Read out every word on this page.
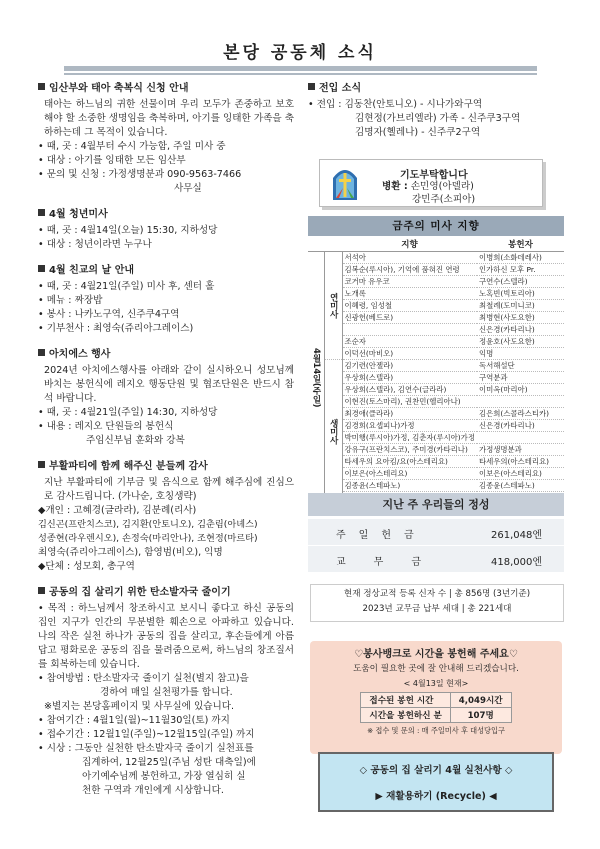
본당 공동체 소식
임산부와 태아 축복식 신청 안내

태아는 하느님의 귀한 선물이며 우리 모두가 존중하고 보호해야 할 소중한 생명임을 축복하며, 아기를 잉태한 가족을 축하하는데 그 목적이 있습니다.

• 때, 곳 : 4월부터 수시 가능함, 주일 미사 중

• 대상 : 아기를 잉태한 모든 임산부

• 문의 및 신청 : 가정생명분과 090-9563-7466

사무실

4월 청년미사

• 때, 곳 : 4월14일(오늘) 15:30, 지하성당

• 대상 : 청년이라면 누구나

4월 친교의 날 안내

• 때, 곳 : 4월21일(주일) 미사 후, 센터 홀

• 메뉴 : 짜장밥

• 봉사 : 나카노구역, 신주쿠4구역

• 기부천사 : 최영숙(쥬리아그레이스)

아치에스 행사

2024년 아치에스행사를 아래와 같이 실시하오니 성모님께 바치는 봉헌식에 레지오 행동단원 및 협조단원은 반드시 참석 바랍니다.

• 때, 곳 : 4월21일(주일) 14:30, 지하성당

• 내용 : 레지오 단원들의 봉헌식

주임신부님 훈화와 강복

부활파티에 함께 해주신 분들께 감사

지난 부활파티에 기부금 및 음식으로 함께 해주심에 진심으로 감사드립니다. (가나순, 호칭생략)

◆개인 : 고혜경(글라라), 김분례(리사)

김신곤(프란치스코), 김지환(안토니오), 김춘림(아녜스)

성종현(라우렌시오), 손정숙(마리안나), 조현정(마르타)

최영숙(쥬리아그레이스), 함영범(비오), 익명

◆단체 : 성모회, 총구역

공동의 집 살리기 위한 탄소발자국 줄이기

• 목적 : 하느님께서 창조하시고 보시니 좋다고 하신 공동의 집인 지구가 인간의 무분별한 훼손으로 아파하고 있습니다. 나의 작은 실천 하나가 공동의 집을 살리고, 후손들에게 아름답고 평화로운 공동의 집을 물려줌으로써, 하느님의 창조질서를 회복하는데 있습니다.

• 참여방법 : 탄소발자국 줄이기 실천(별지 참고)을

경하여 매일 실천평가를 합니다.

※별지는 본당홈페이지 및 사무실에 있습니다.

• 참여기간 : 4월1일(월)~11월30일(토) 까지

• 접수기간 : 12월1일(주일)~12월15일(주일) 까지

• 시상 : 그동안 실천한 탄소발자국 줄이기 실천표를

집계하여, 12월25일(주님 성탄 대축일)에

아기예수님께 봉헌하고, 가장 열심히 실

천한 구역과 개인에게 시상합니다.

전입 소식

• 전입 : 김동찬(안토니오) - 시나가와구역

김현정(가브리엘라) 가족 - 신주쿠3구역

김명자(헬레나) - 신주쿠2구역

기도부탁합니다
병환 : 손민영(아델라)
강민주(소피아)
금주의 미사 지향
		지향	봉헌자
4월14일(주일)	연미사	서석아	이병희(소화데레사)
		김복순(루시아), 기억에 품혀진 연령	인가하신 모후 Pr.
		코거마 유우코	구연수(스텔라)
		노개록	노혹빈(빅토리아)
		이혜령, 임성철	최철례(도미니코)
		신광헌(베드로)	최병현(사도요한)
			신은경(카타리나)
		조순자	정윤호(사도요한)
		이덕선(마비오)	익명
	생미사	김기련(안젤라)	독서해설단
		우상희(스텔라)	구역분과
		우상희(스텔라), 김연수(글라라)	이미옥(마리아)
		이현진(토스마리), 권찬민(헬리아나)	
		최경애(클라라)	김은희(스콜라스티카)
		김경희(요셉피나)가정	신은경(카타리나)
		박미행(루시아)가정, 김춘자(루시아)가정	
		강유구(프란치스코), 주미경(카타리나)	가정생명분과
		타세우의 요아킴/요(아스테리요)	타세우의(아스테리요)
		이보은(아스테리요)	이보은(아스테리요)
		김종윤(스테파노)	김종윤(스테파노)

지난 주 우리들의 정성
주일헌금	261,048엔
교무금	418,000엔
현재 정상교적 등록 신자 수 | 총 856명 (3년기준)
2023년 교무금 납부 세대 | 총 221세대
♡봉사뱅크로 시간을 봉헌해 주세요♡
도움이 필요한 곳에 잘 안내해 드리겠습니다.
< 4월13일 현재>
접수된 봉헌 시간	4,049시간
시간을 봉헌하신 분	107명
※ 접수 및 문의 : 매 주일미사 후 대성당입구
◇ 공동의 집 살리기 4월 실천사항 ◇
▶ 재활용하기 (Recycle) ◀
